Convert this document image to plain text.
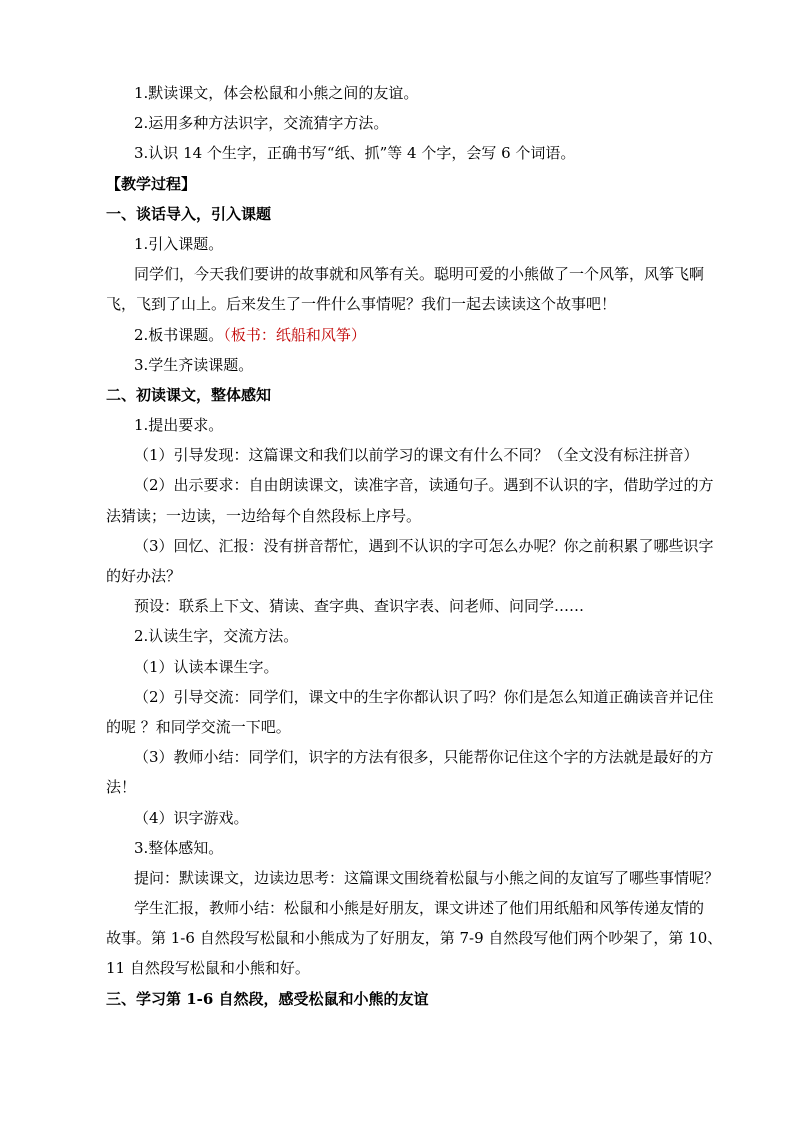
1.默读课文，体会松鼠和小熊之间的友谊。
2.运用多种方法识字，交流猜字方法。
3.认识 14 个生字，正确书写“纸、抓”等 4 个字，会写 6 个词语。
【教学过程】
一、谈话导入，引入课题
1.引入课题。
同学们，今天我们要讲的故事就和风筝有关。聪明可爱的小熊做了一个风筝，风筝飞啊
飞，飞到了山上。后来发生了一件什么事情呢？我们一起去读读这个故事吧！
2.板书课题。（板书：纸船和风筝）
3.学生齐读课题。
二、初读课文，整体感知
1.提出要求。
（1）引导发现：这篇课文和我们以前学习的课文有什么不同？（全文没有标注拼音）
（2）出示要求：自由朗读课文，读准字音，读通句子。遇到不认识的字，借助学过的方
法猜读；一边读，一边给每个自然段标上序号。
（3）回忆、汇报：没有拼音帮忙，遇到不认识的字可怎么办呢？你之前积累了哪些识字
的好办法？
预设：联系上下文、猜读、查字典、查识字表、问老师、问同学……
2.认读生字，交流方法。
（1）认读本课生字。
（2）引导交流：同学们，课文中的生字你都认识了吗？你们是怎么知道正确读音并记住
的呢 ？和同学交流一下吧。
（3）教师小结：同学们，识字的方法有很多，只能帮你记住这个字的方法就是最好的方
法！
（4）识字游戏。
3.整体感知。
提问：默读课文，边读边思考：这篇课文围绕着松鼠与小熊之间的友谊写了哪些事情呢？
学生汇报，教师小结：松鼠和小熊是好朋友，课文讲述了他们用纸船和风筝传递友情的
故事。第 1-6 自然段写松鼠和小熊成为了好朋友，第 7-9 自然段写他们两个吵架了，第 10、
11 自然段写松鼠和小熊和好。
三、学习第 1-6 自然段，感受松鼠和小熊的友谊
